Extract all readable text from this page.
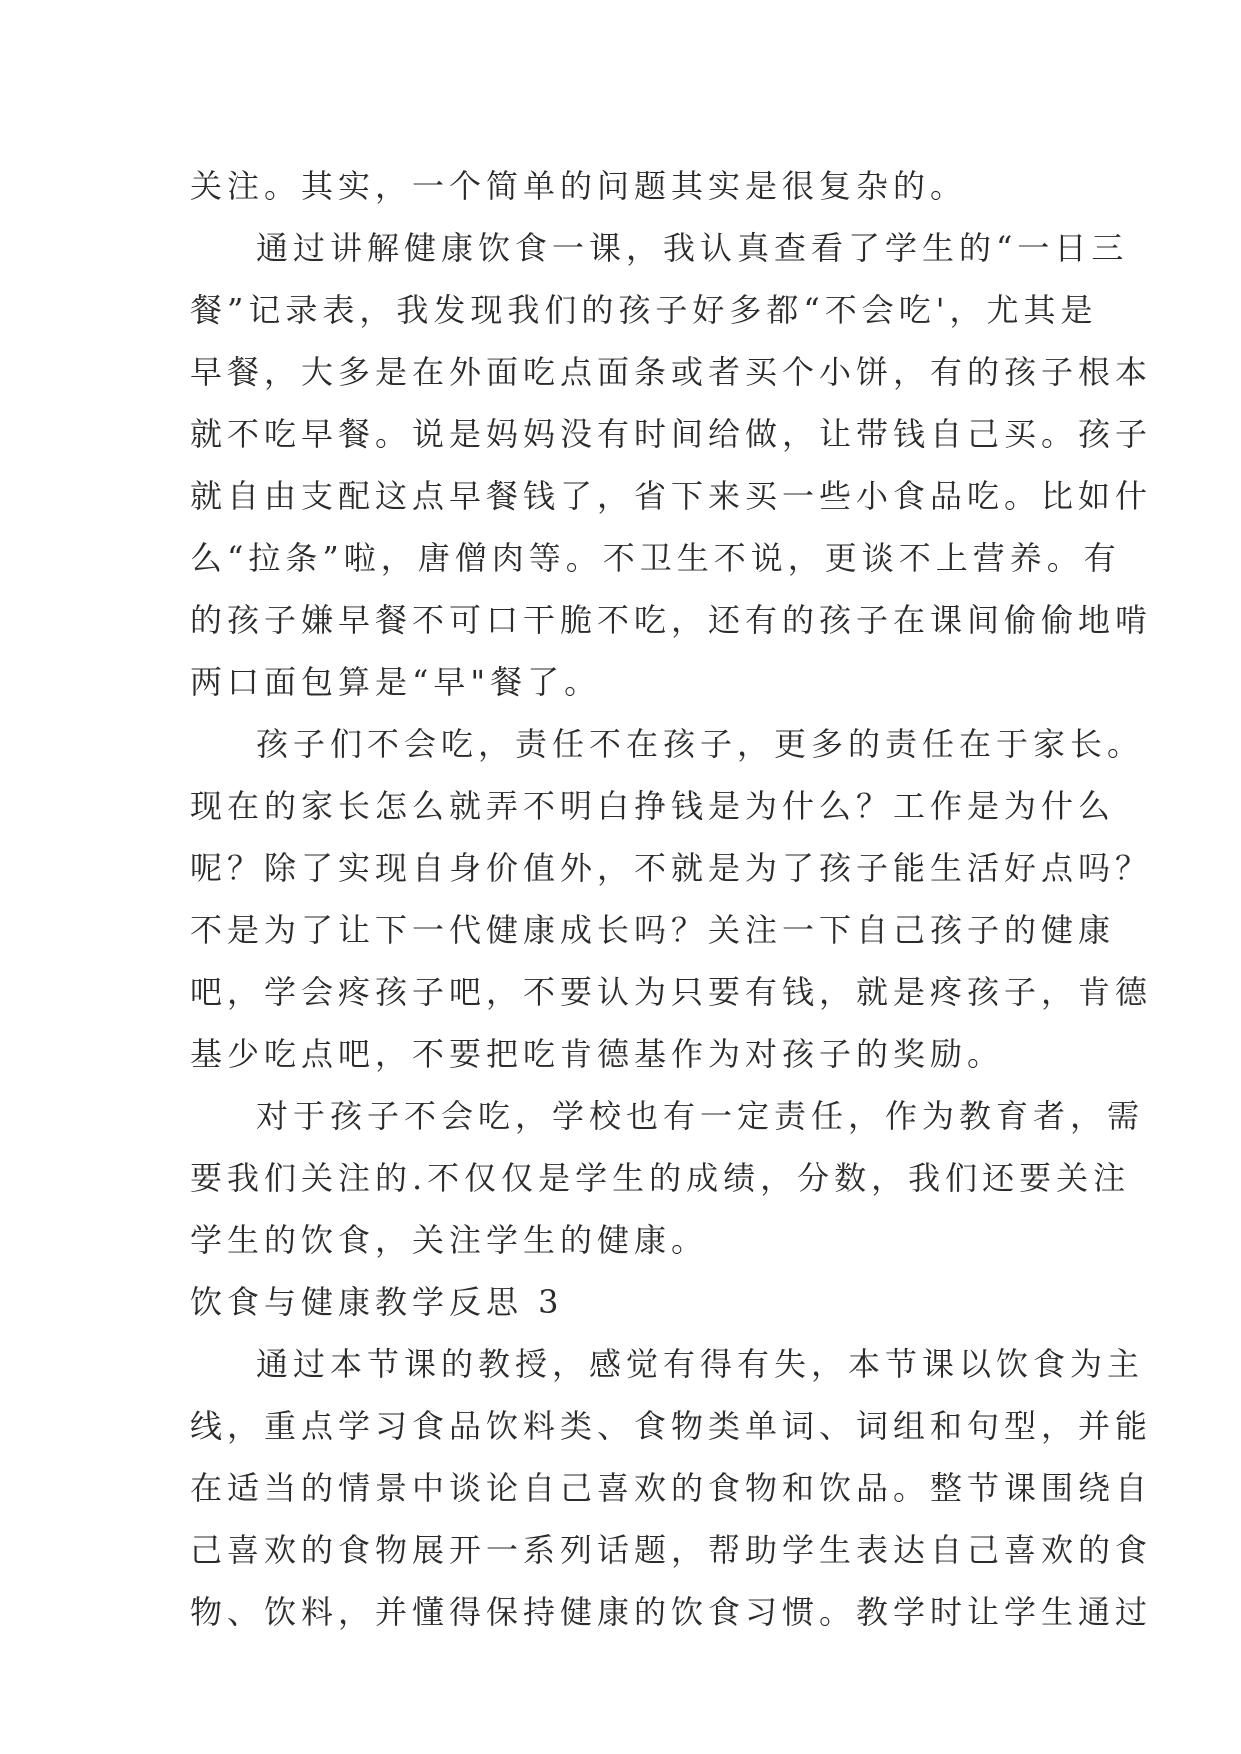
关注。其实，一个简单的问题其实是很复杂的。
通过讲解健康饮食一课，我认真查看了学生的“一日三
餐”记录表，我发现我们的孩子好多都“不会吃'，尤其是
早餐，大多是在外面吃点面条或者买个小饼，有的孩子根本
就不吃早餐。说是妈妈没有时间给做，让带钱自己买。孩子
就自由支配这点早餐钱了，省下来买一些小食品吃。比如什
么“拉条”啦，唐僧肉等。不卫生不说，更谈不上营养。有
的孩子嫌早餐不可口干脆不吃，还有的孩子在课间偷偷地啃
两口面包算是“早"餐了。
孩子们不会吃，责任不在孩子，更多的责任在于家长。
现在的家长怎么就弄不明白挣钱是为什么？工作是为什么
呢？除了实现自身价值外，不就是为了孩子能生活好点吗？
不是为了让下一代健康成长吗？关注一下自己孩子的健康
吧，学会疼孩子吧，不要认为只要有钱，就是疼孩子，肯德
基少吃点吧，不要把吃肯德基作为对孩子的奖励。
对于孩子不会吃，学校也有一定责任，作为教育者，需
要我们关注的.不仅仅是学生的成绩，分数，我们还要关注
学生的饮食，关注学生的健康。
饮食与健康教学反思 3
通过本节课的教授，感觉有得有失，本节课以饮食为主
线，重点学习食品饮料类、食物类单词、词组和句型，并能
在适当的情景中谈论自己喜欢的食物和饮品。整节课围绕自
己喜欢的食物展开一系列话题，帮助学生表达自己喜欢的食
物、饮料，并懂得保持健康的饮食习惯。教学时让学生通过
